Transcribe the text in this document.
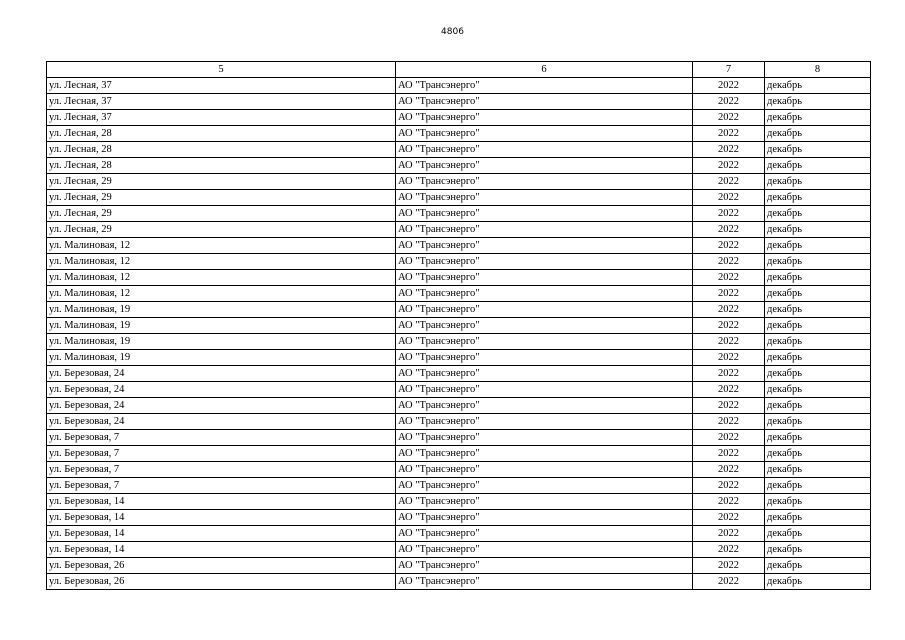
4806
5	6	7	8
ул. Лесная, 37	АО "Трансэнерго"	2022	декабрь
ул. Лесная, 37	АО "Трансэнерго"	2022	декабрь
ул. Лесная, 37	АО "Трансэнерго"	2022	декабрь
ул. Лесная, 28	АО "Трансэнерго"	2022	декабрь
ул. Лесная, 28	АО "Трансэнерго"	2022	декабрь
ул. Лесная, 28	АО "Трансэнерго"	2022	декабрь
ул. Лесная, 29	АО "Трансэнерго"	2022	декабрь
ул. Лесная, 29	АО "Трансэнерго"	2022	декабрь
ул. Лесная, 29	АО "Трансэнерго"	2022	декабрь
ул. Лесная, 29	АО "Трансэнерго"	2022	декабрь
ул. Малиновая, 12	АО "Трансэнерго"	2022	декабрь
ул. Малиновая, 12	АО "Трансэнерго"	2022	декабрь
ул. Малиновая, 12	АО "Трансэнерго"	2022	декабрь
ул. Малиновая, 12	АО "Трансэнерго"	2022	декабрь
ул. Малиновая, 19	АО "Трансэнерго"	2022	декабрь
ул. Малиновая, 19	АО "Трансэнерго"	2022	декабрь
ул. Малиновая, 19	АО "Трансэнерго"	2022	декабрь
ул. Малиновая, 19	АО "Трансэнерго"	2022	декабрь
ул. Березовая, 24	АО "Трансэнерго"	2022	декабрь
ул. Березовая, 24	АО "Трансэнерго"	2022	декабрь
ул. Березовая, 24	АО "Трансэнерго"	2022	декабрь
ул. Березовая, 24	АО "Трансэнерго"	2022	декабрь
ул. Березовая, 7	АО "Трансэнерго"	2022	декабрь
ул. Березовая, 7	АО "Трансэнерго"	2022	декабрь
ул. Березовая, 7	АО "Трансэнерго"	2022	декабрь
ул. Березовая, 7	АО "Трансэнерго"	2022	декабрь
ул. Березовая, 14	АО "Трансэнерго"	2022	декабрь
ул. Березовая, 14	АО "Трансэнерго"	2022	декабрь
ул. Березовая, 14	АО "Трансэнерго"	2022	декабрь
ул. Березовая, 14	АО "Трансэнерго"	2022	декабрь
ул. Березовая, 26	АО "Трансэнерго"	2022	декабрь
ул. Березовая, 26	АО "Трансэнерго"	2022	декабрь
